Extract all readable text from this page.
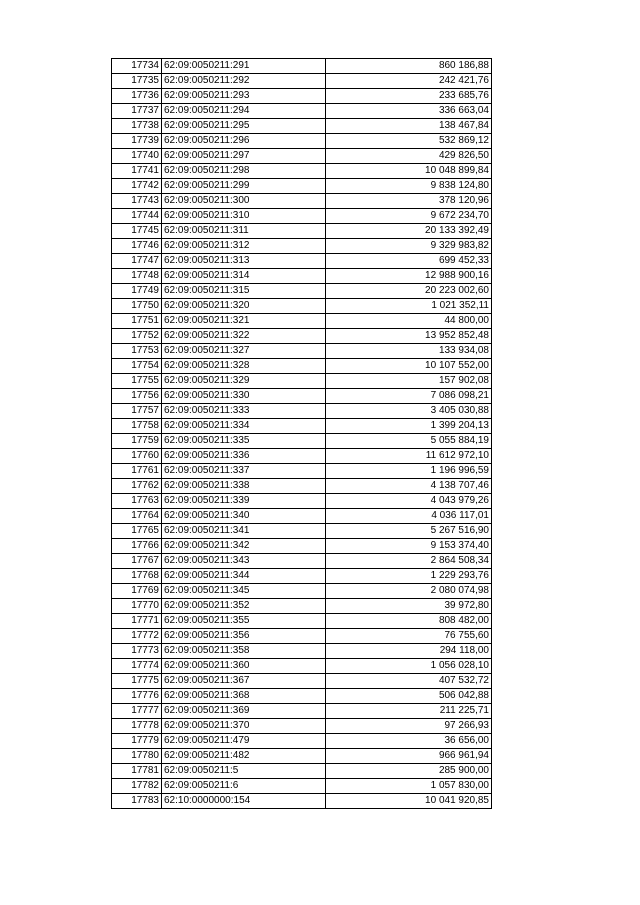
17734	62:09:0050211:291	860 186,88
17735	62:09:0050211:292	242 421,76
17736	62:09:0050211:293	233 685,76
17737	62:09:0050211:294	336 663,04
17738	62:09:0050211:295	138 467,84
17739	62:09:0050211:296	532 869,12
17740	62:09:0050211:297	429 826,50
17741	62:09:0050211:298	10 048 899,84
17742	62:09:0050211:299	9 838 124,80
17743	62:09:0050211:300	378 120,96
17744	62:09:0050211:310	9 672 234,70
17745	62:09:0050211:311	20 133 392,49
17746	62:09:0050211:312	9 329 983,82
17747	62:09:0050211:313	699 452,33
17748	62:09:0050211:314	12 988 900,16
17749	62:09:0050211:315	20 223 002,60
17750	62:09:0050211:320	1 021 352,11
17751	62:09:0050211:321	44 800,00
17752	62:09:0050211:322	13 952 852,48
17753	62:09:0050211:327	133 934,08
17754	62:09:0050211:328	10 107 552,00
17755	62:09:0050211:329	157 902,08
17756	62:09:0050211:330	7 086 098,21
17757	62:09:0050211:333	3 405 030,88
17758	62:09:0050211:334	1 399 204,13
17759	62:09:0050211:335	5 055 884,19
17760	62:09:0050211:336	11 612 972,10
17761	62:09:0050211:337	1 196 996,59
17762	62:09:0050211:338	4 138 707,46
17763	62:09:0050211:339	4 043 979,26
17764	62:09:0050211:340	4 036 117,01
17765	62:09:0050211:341	5 267 516,90
17766	62:09:0050211:342	9 153 374,40
17767	62:09:0050211:343	2 864 508,34
17768	62:09:0050211:344	1 229 293,76
17769	62:09:0050211:345	2 080 074,98
17770	62:09:0050211:352	39 972,80
17771	62:09:0050211:355	808 482,00
17772	62:09:0050211:356	76 755,60
17773	62:09:0050211:358	294 118,00
17774	62:09:0050211:360	1 056 028,10
17775	62:09:0050211:367	407 532,72
17776	62:09:0050211:368	506 042,88
17777	62:09:0050211:369	211 225,71
17778	62:09:0050211:370	97 266,93
17779	62:09:0050211:479	36 656,00
17780	62:09:0050211:482	966 961,94
17781	62:09:0050211:5	285 900,00
17782	62:09:0050211:6	1 057 830,00
17783	62:10:0000000:154	10 041 920,85
